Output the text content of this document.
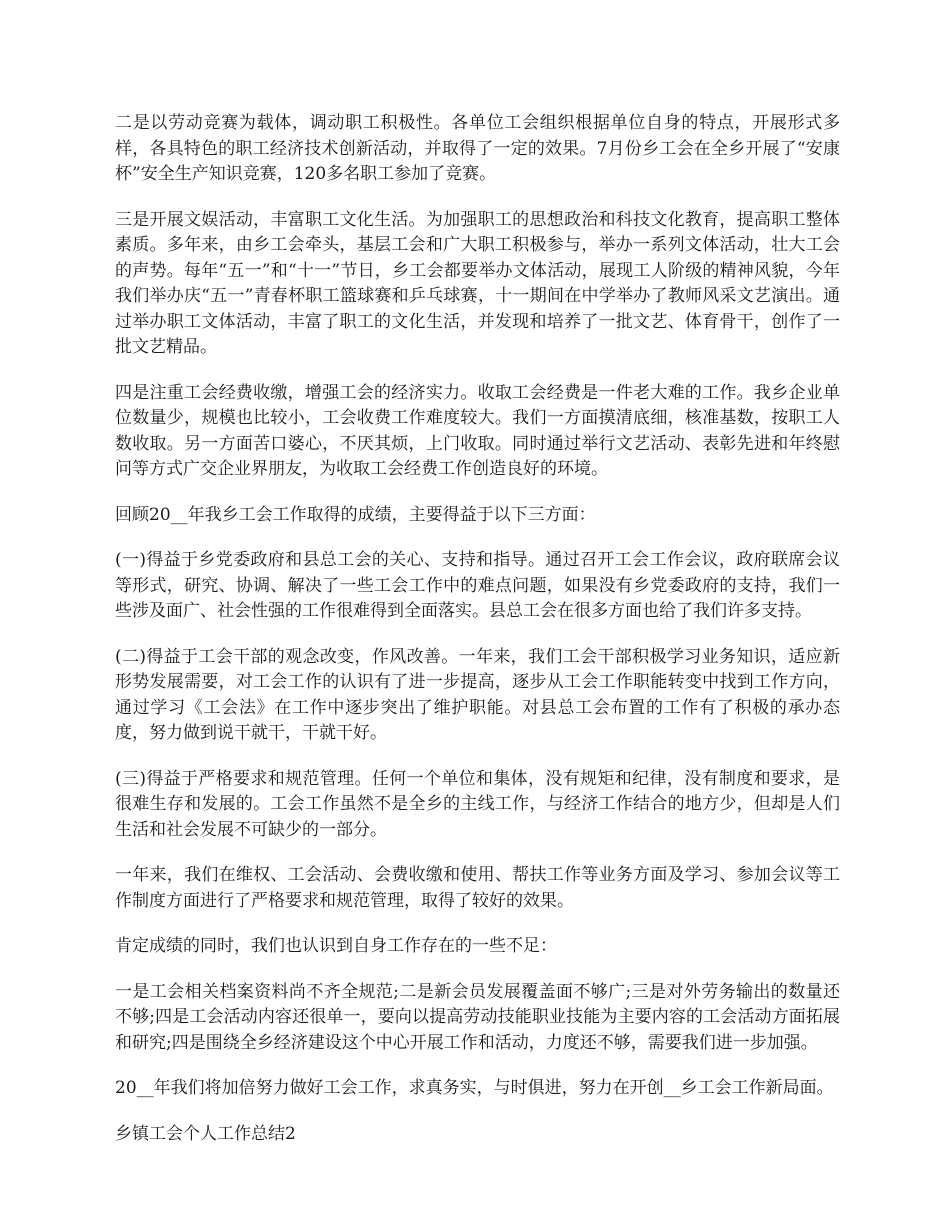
二是以劳动竞赛为载体，调动职工积极性。各单位工会组织根据单位自身的特点，开展形式多样，各具特色的职工经济技术创新活动，并取得了一定的效果。7月份乡工会在全乡开展了“安康杯”安全生产知识竞赛，120多名职工参加了竞赛。

三是开展文娱活动，丰富职工文化生活。为加强职工的思想政治和科技文化教育，提高职工整体素质。多年来，由乡工会牵头，基层工会和广大职工积极参与，举办一系列文体活动，壮大工会的声势。每年“五一”和“十一”节日，乡工会都要举办文体活动，展现工人阶级的精神风貌，今年我们举办庆“五一”青春杯职工篮球赛和乒乓球赛，十一期间在中学举办了教师风采文艺演出。通过举办职工文体活动，丰富了职工的文化生活，并发现和培养了一批文艺、体育骨干，创作了一批文艺精品。

四是注重工会经费收缴，增强工会的经济实力。收取工会经费是一件老大难的工作。我乡企业单位数量少，规模也比较小，工会收费工作难度较大。我们一方面摸清底细，核准基数，按职工人数收取。另一方面苦口婆心，不厌其烦，上门收取。同时通过举行文艺活动、表彰先进和年终慰问等方式广交企业界朋友，为收取工会经费工作创造良好的环境。

回顾20__年我乡工会工作取得的成绩，主要得益于以下三方面：

(一)得益于乡党委政府和县总工会的关心、支持和指导。通过召开工会工作会议，政府联席会议等形式，研究、协调、解决了一些工会工作中的难点问题，如果没有乡党委政府的支持，我们一些涉及面广、社会性强的工作很难得到全面落实。县总工会在很多方面也给了我们许多支持。

(二)得益于工会干部的观念改变，作风改善。一年来，我们工会干部积极学习业务知识，适应新形势发展需要，对工会工作的认识有了进一步提高，逐步从工会工作职能转变中找到工作方向，通过学习《工会法》在工作中逐步突出了维护职能。对县总工会布置的工作有了积极的承办态度，努力做到说干就干，干就干好。

(三)得益于严格要求和规范管理。任何一个单位和集体，没有规矩和纪律，没有制度和要求，是很难生存和发展的。工会工作虽然不是全乡的主线工作，与经济工作结合的地方少，但却是人们生活和社会发展不可缺少的一部分。

一年来，我们在维权、工会活动、会费收缴和使用、帮扶工作等业务方面及学习、参加会议等工作制度方面进行了严格要求和规范管理，取得了较好的效果。

肯定成绩的同时，我们也认识到自身工作存在的一些不足：

一是工会相关档案资料尚不齐全规范;二是新会员发展覆盖面不够广;三是对外劳务输出的数量还不够;四是工会活动内容还很单一，要向以提高劳动技能职业技能为主要内容的工会活动方面拓展和研究;四是围绕全乡经济建设这个中心开展工作和活动，力度还不够，需要我们进一步加强。

20__年我们将加倍努力做好工会工作，求真务实，与时俱进，努力在开创__乡工会工作新局面。

乡镇工会个人工作总结2
